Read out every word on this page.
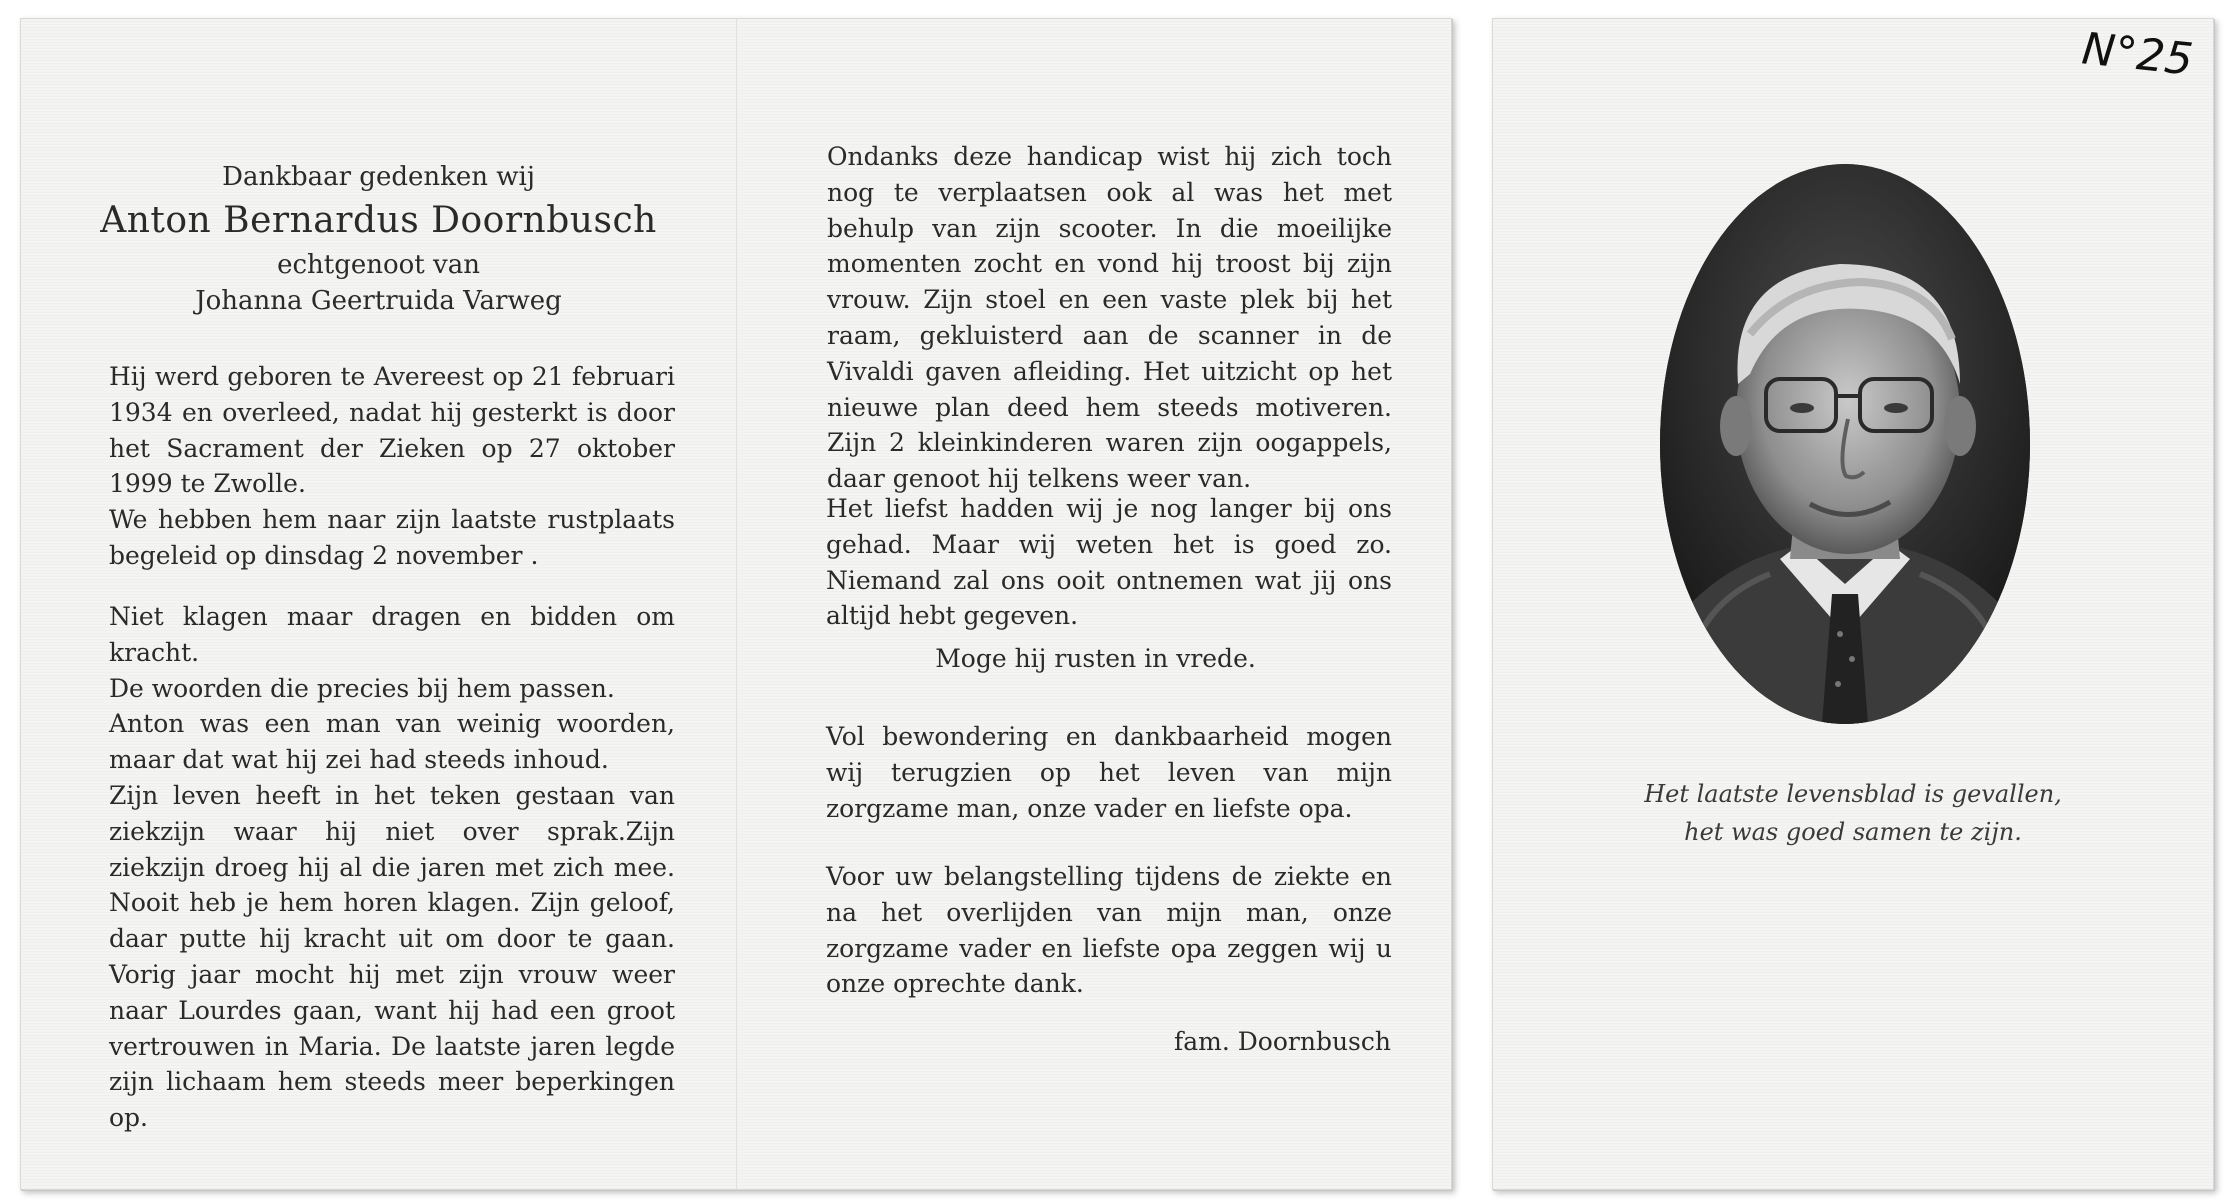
Dankbaar gedenken wij
Anton Bernardus Doornbusch
echtgenoot van
Johanna Geertruida Varweg

Hij werd geboren te Avereest op 21 februari 1934 en overleed, nadat hij gesterkt is door het Sacrament der Zieken op 27 oktober 1999 te Zwolle.

We hebben hem naar zijn laatste rustplaats begeleid op dinsdag 2 november .

Niet klagen maar dragen en bidden om kracht.

De woorden die precies bij hem passen.

Anton was een man van weinig woorden, maar dat wat hij zei had steeds inhoud.

Zijn leven heeft in het teken gestaan van ziekzijn waar hij niet over sprak.Zijn ziekzijn droeg hij al die jaren met zich mee. Nooit heb je hem horen klagen. Zijn geloof, daar putte hij kracht uit om door te gaan. Vorig jaar mocht hij met zijn vrouw weer naar Lourdes gaan, want hij had een groot vertrouwen in Maria. De laatste jaren legde zijn lichaam hem steeds meer beperkingen op.

Ondanks deze handicap wist hij zich toch nog te verplaatsen ook al was het met behulp van zijn scooter. In die moeilijke momenten zocht en vond hij troost bij zijn vrouw. Zijn stoel en een vaste plek bij het raam, gekluisterd aan de scanner in de Vivaldi gaven afleiding. Het uitzicht op het nieuwe plan deed hem steeds motiveren. Zijn 2 kleinkinderen waren zijn oogappels, daar genoot hij telkens weer van.

Het liefst hadden wij je nog langer bij ons gehad. Maar wij weten het is goed zo. Niemand zal ons ooit ontnemen wat jij ons altijd hebt gegeven.

Moge hij rusten in vrede.

Vol bewondering en dankbaarheid mogen wij terugzien op het leven van mijn zorgzame man, onze vader en liefste opa.

Voor uw belangstelling tijdens de ziekte en na het overlijden van mijn man, onze zorgzame vader en liefste opa zeggen wij u onze oprechte dank.

fam. Doornbusch
N°25
Het laatste levensblad is gevallen,
het was goed samen te zijn.
